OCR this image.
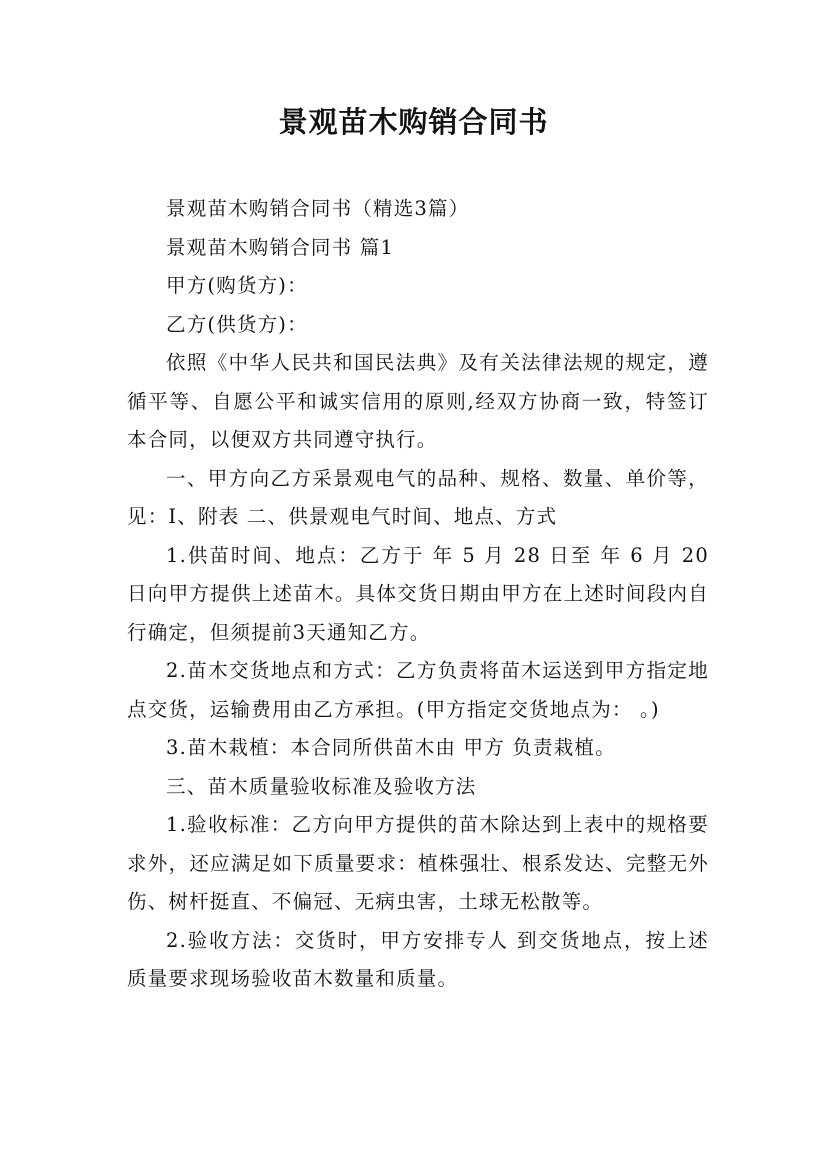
景观苗木购销合同书

景观苗木购销合同书（精选3篇）

景观苗木购销合同书 篇1

甲方(购货方)：

乙方(供货方)：

依照《中华人民共和国民法典》及有关法律法规的规定，遵循平等、自愿公平和诚实信用的原则,经双方协商一致，特签订本合同，以便双方共同遵守执行。

一、甲方向乙方采景观电气的品种、规格、数量、单价等，见：Ⅰ、附表 二、供景观电气时间、地点、方式

1.供苗时间、地点：乙方于 年 5 月 28 日至 年 6 月 20 日向甲方提供上述苗木。具体交货日期由甲方在上述时间段内自行确定，但须提前3天通知乙方。

2.苗木交货地点和方式：乙方负责将苗木运送到甲方指定地点交货，运输费用由乙方承担。(甲方指定交货地点为： 。)

3.苗木栽植：本合同所供苗木由 甲方 负责栽植。

三、苗木质量验收标准及验收方法

1.验收标准：乙方向甲方提供的苗木除达到上表中的规格要求外，还应满足如下质量要求：植株强壮、根系发达、完整无外伤、树杆挺直、不偏冠、无病虫害，土球无松散等。

2.验收方法：交货时，甲方安排专人 到交货地点，按上述质量要求现场验收苗木数量和质量。
